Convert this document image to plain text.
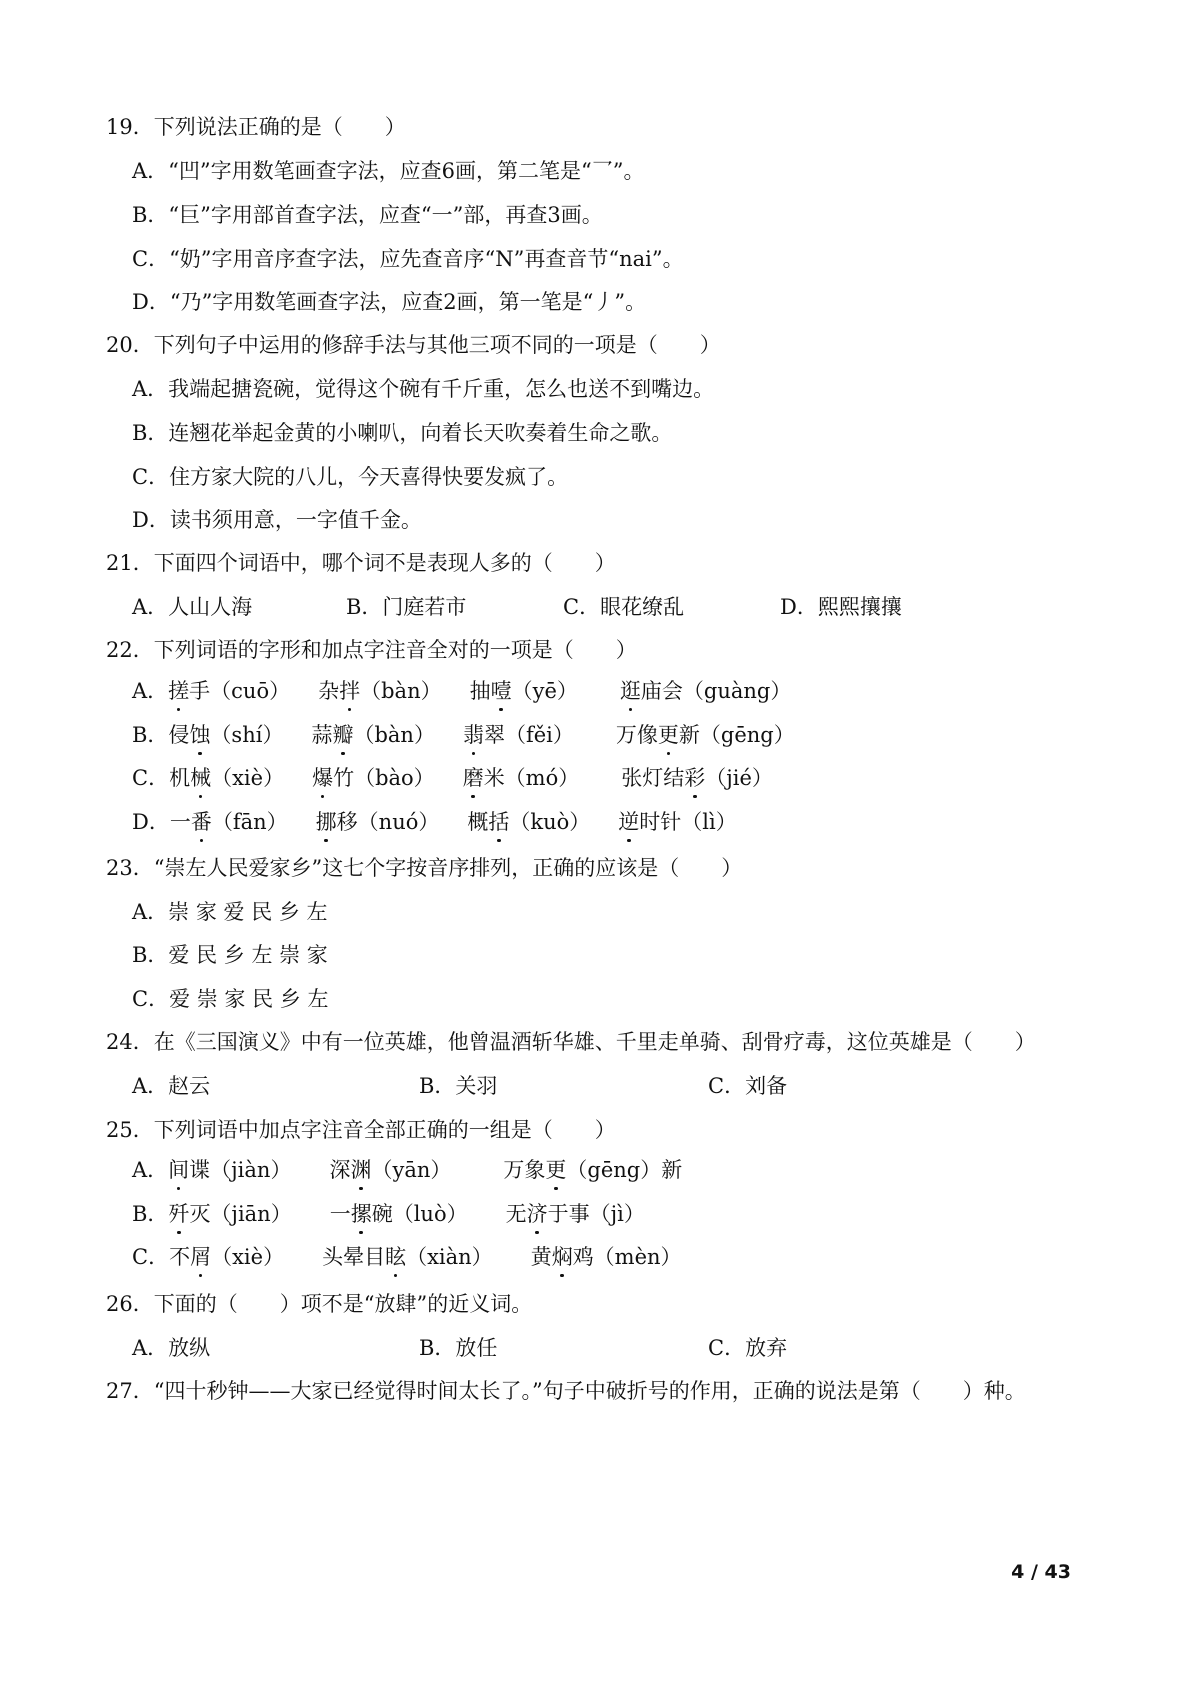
19．下列说法正确的是（　　）
A．“凹”字用数笔画查字法，应查6画，第二笔是“乛”。
B．“巨”字用部首查字法，应查“一”部，再查3画。
C．“奶”字用音序查字法，应先查音序“N”再查音节“nai”。
D．“乃”字用数笔画查字法，应查2画，第一笔是“丿”。
20．下列句子中运用的修辞手法与其他三项不同的一项是（　　）
A．我端起搪瓷碗，觉得这个碗有千斤重，怎么也送不到嘴边。
B．连翘花举起金黄的小喇叭，向着长天吹奏着生命之歌。
C．住方家大院的八儿，今天喜得快要发疯了。
D．读书须用意，一字值千金。
21．下面四个词语中，哪个词不是表现人多的（　　）
A．人山人海	B．门庭若市	C．眼花缭乱	D．熙熙攘攘
22．下列词语的字形和加点字注音全对的一项是（　　）
A．搓手（cuō） 杂拌（bàn） 抽噎（yē） 逛庙会（guàng）
B．侵蚀（shí） 蒜瓣（bàn） 翡翠（fěi） 万像更新（gēng）
C．机械（xiè） 爆竹（bào） 磨米（mó） 张灯结彩（jié）
D．一番（fān） 挪移（nuó） 概括（kuò） 逆时针（lì）
23．“崇左人民爱家乡”这七个字按音序排列，正确的应该是（　　）
A．崇 家 爱 民 乡 左
B．爱 民 乡 左 崇 家
C．爱 崇 家 民 乡 左
24．在《三国演义》中有一位英雄，他曾温酒斩华雄、千里走单骑、刮骨疗毒，这位英雄是（　　）
A．赵云	B．关羽	C．刘备
25．下列词语中加点字注音全部正确的一组是（　　）
A．间谍（jiàn） 深渊（yān） 万象更（gēng）新
B．歼灭（jiān） 一摞碗（luò） 无济于事（jì）
C．不屑（xiè） 头晕目眩（xiàn） 黄焖鸡（mèn）
26．下面的（　　）项不是“放肆”的近义词。
A．放纵	B．放任	C．放弃
27．“四十秒钟——大家已经觉得时间太长了。”句子中破折号的作用，正确的说法是第（　　）种。
4 / 43
